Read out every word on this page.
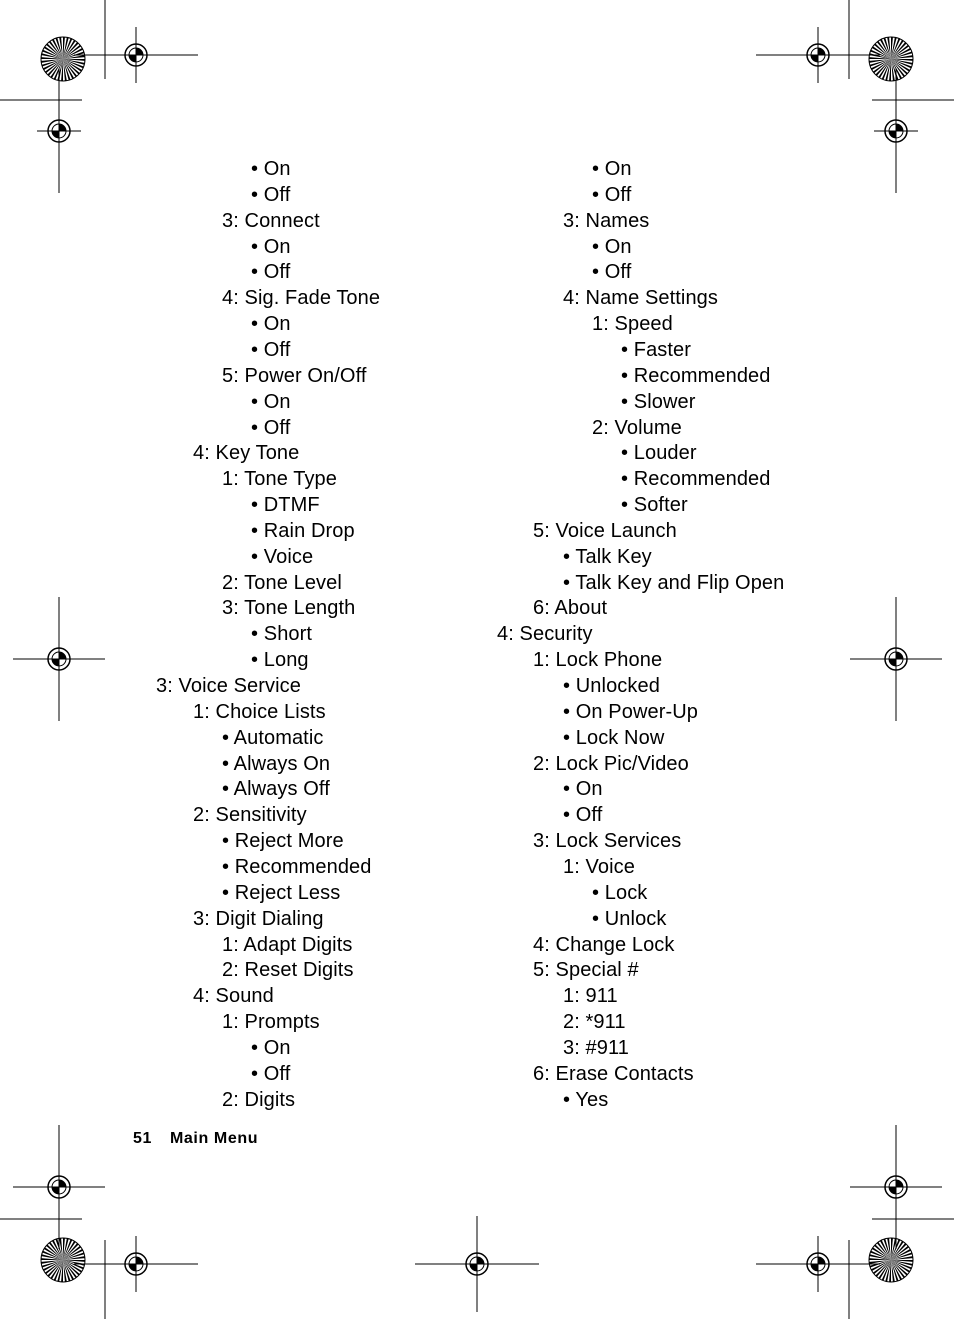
• On
• Off
3: Connect
• On
• Off
4: Sig. Fade Tone
• On
• Off
5: Power On/Off
• On
• Off
4: Key Tone
1: Tone Type
• DTMF
• Rain Drop
• Voice
2: Tone Level
3: Tone Length
• Short
• Long
3: Voice Service
1: Choice Lists
• Automatic
• Always On
• Always Off
2: Sensitivity
• Reject More
• Recommended
• Reject Less
3: Digit Dialing
1: Adapt Digits
2: Reset Digits
4: Sound
1: Prompts
• On
• Off
2: Digits
• On
• Off
3: Names
• On
• Off
4: Name Settings
1: Speed
• Faster
• Recommended
• Slower
2: Volume
• Louder
• Recommended
• Softer
5: Voice Launch
• Talk Key
• Talk Key and Flip Open
6: About
4: Security
1: Lock Phone
• Unlocked
• On Power-Up
• Lock Now
2: Lock Pic/Video
• On
• Off
3: Lock Services
1: Voice
• Lock
• Unlock
4: Change Lock
5: Special #
1: 911
2: *911
3: #911
6: Erase Contacts
• Yes
51 Main Menu
